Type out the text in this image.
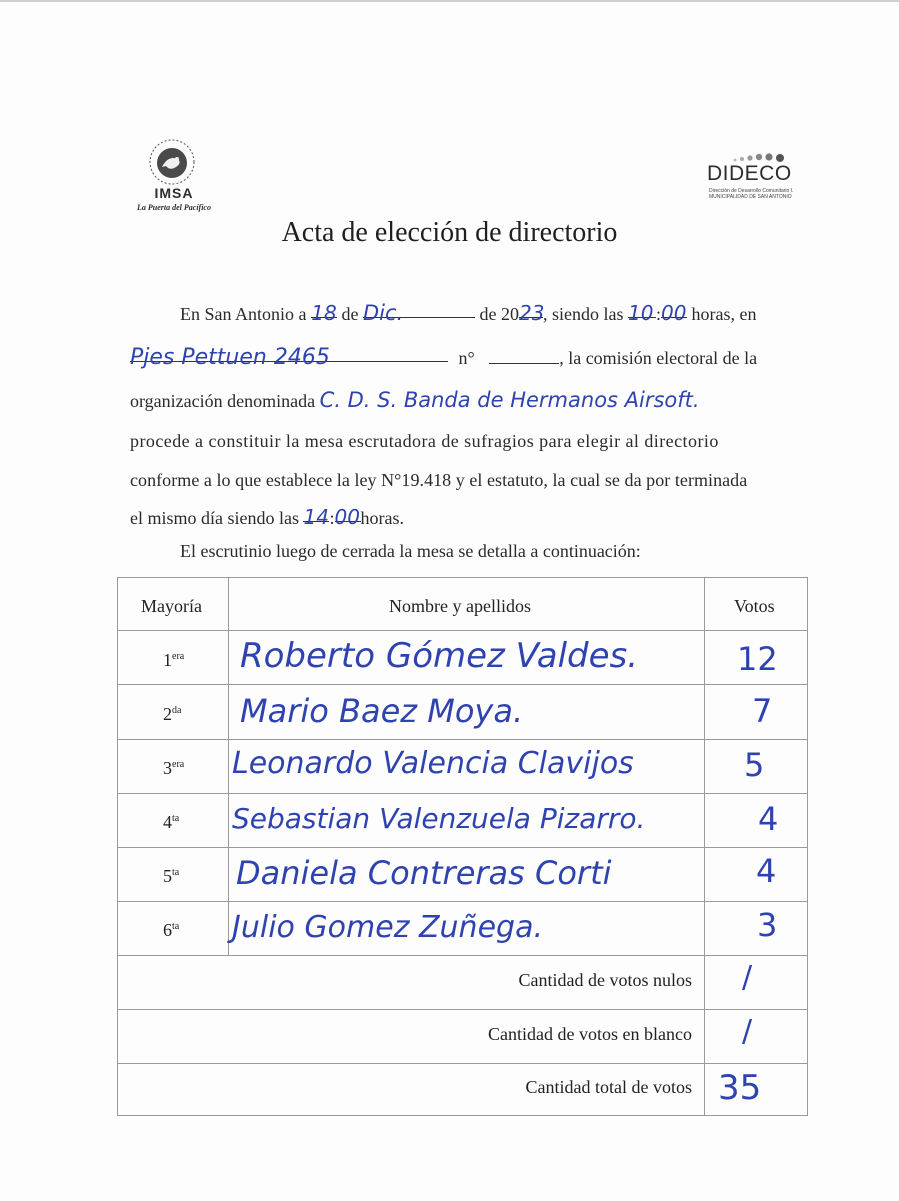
IMSA
La Puerta del Pacífico
DIDECO
Dirección de Desarrollo Comunitario I. MUNICIPALIDAD DE SAN ANTONIO
Acta de elección de directorio
En San Antonio a 18 de Dic.	de 2023, siendo las 10 :00 horas, en
Pjes Pettuen 2465	n°	, la comisión electoral de la
organización denominada C. D. S. Banda de Hermanos Airsoft.
procede a constituir la mesa escrutadora de sufragios para elegir al directorio
conforme a lo que establece la ley N°19.418 y el estatuto, la cual se da por terminada
el mismo día siendo las 14:00horas.
El escrutinio luego de cerrada la mesa se detalla a continuación:
Mayoría	Nombre y apellidos	Votos
$1^{era}$ Roberto Gómez Valdes.	12
$2^{da}$ Mario Baez Moya.	7
$3^{era}$ Leonardo Valencia Clavijos	5
$4^{ta}$ Sebastian Valenzuela Pizarro.	4
$5^{ta}$ Daniela Contreras Corti	4
$6^{ta}$ Julio Gomez Zuñega.	3
Cantidad de votos nulos /
Cantidad de votos en blanco /
Cantidad total de votos 35
